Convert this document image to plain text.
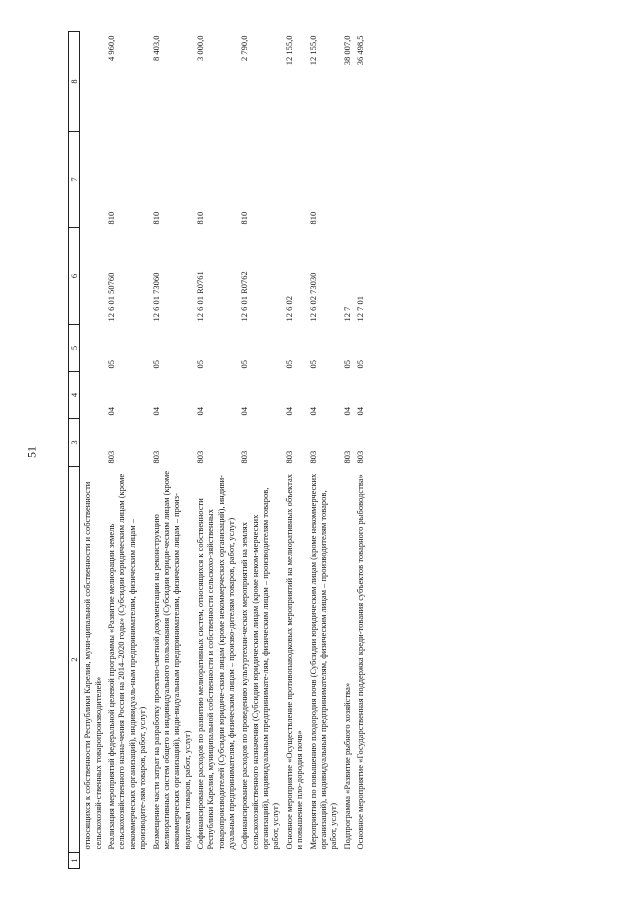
51
1	2	3	4	5	6	7	8
	относящихся к собственности Республики Карелия, муни-ципальной собственности и собственности сельскохозяй-ственных товаропроизводителей»						
	Реализация мероприятий федеральной целевой программы «Развитие мелиорации земель сельскохозяйственного назна-чения России на 2014–2020 годы» (Субсидии юридическим лицам (кроме некоммерческих организаций), индивидуаль-ным предпринимателям, физическим лицам – производите-лям товаров, работ, услуг)	803	04	05	12 6 01 50760	810	4 960,0
	Возмещение части затрат на разработку проектно-сметной документации на реконструкцию мелиоративных систем общего и индивидуального пользования (Субсидии юриди-ческим лицам (кроме некоммерческих организаций), инди-видуальным предпринимателям, физическим лицам – произ-водителям товаров, работ, услуг)	803	04	05	12 6 01 73060	810	8 403,0
	Софинансирование расходов по развитию мелиоративных систем, относящихся к собственности Республики Карелия, муниципальной собственности и собственности сельскохо-зяйственных товаропроизводителей (Субсидии юридиче-ским лицам (кроме некоммерческих организаций), индиви-дуальным предпринимателям, физическим лицам – произво-дителям товаров, работ, услуг)	803	04	05	12 6 01 R0761	810	3 000,0
	Софинансирование расходов по проведению культуртехни-ческих мероприятий на землях сельскохозяйственного назначения (Субсидии юридическим лицам (кроме неком-мерческих организаций), индивидуальным предпринимате-лям, физическим лицам – производителям товаров, работ, услуг)	803	04	05	12 6 01 R0762	810	2 790,0
	Основное мероприятие «Осуществление противопаводковых мероприятий на мелиоративных объектах и повышение пло-дородия почв»	803	04	05	12 6 02		12 155,0
	Мероприятия по повышению плодородия почв (Субсидии юридическим лицам (кроме некоммерческих организаций), индивидуальным предпринимателям, физическим лицам – производителям товаров, работ, услуг)	803	04	05	12 6 02 73030	810	12 155,0
	Подпрограмма «Развитие рыбного хозяйства»	803	04	05	12 7		38 007,0
	Основное мероприятие «Государственная поддержка креди-тования субъектов товарного рыбоводства»	803	04	05	12 7 01		36 498,5
